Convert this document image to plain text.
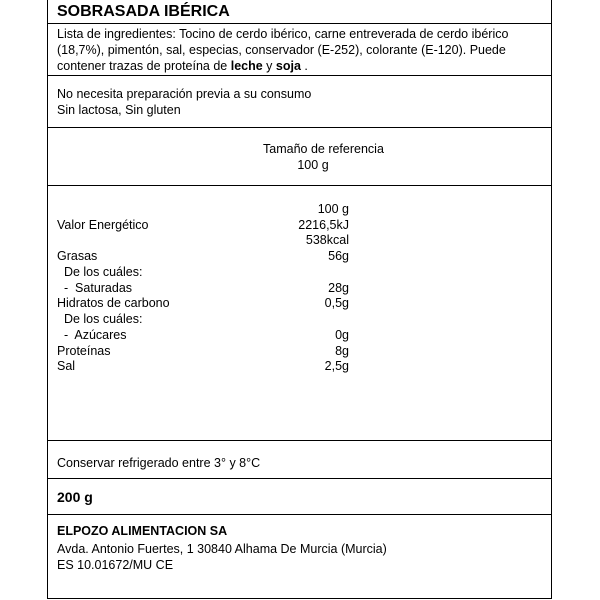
SOBRASADA IBÉRICA
Lista de ingredientes: Tocino de cerdo ibérico, carne entreverada de cerdo ibérico (18,7%), pimentón, sal, especias, conservador (E-252), colorante (E-120). Puede contener trazas de proteína de leche y soja .
No necesita preparación previa a su consumo
Sin lactosa, Sin gluten
Tamaño de referencia
100 g
100 g
Valor Energético	2216,5kJ
538kcal
Grasas	56g
De los cuáles:
-  Saturadas	28g
Hidratos de carbono	0,5g
De los cuáles:
-  Azúcares	0g
Proteínas	8g
Sal	2,5g
Conservar refrigerado entre 3° y 8°C
200 g
ELPOZO ALIMENTACION SA
Avda. Antonio Fuertes, 1 30840 Alhama De Murcia (Murcia)
ES 10.01672/MU CE
